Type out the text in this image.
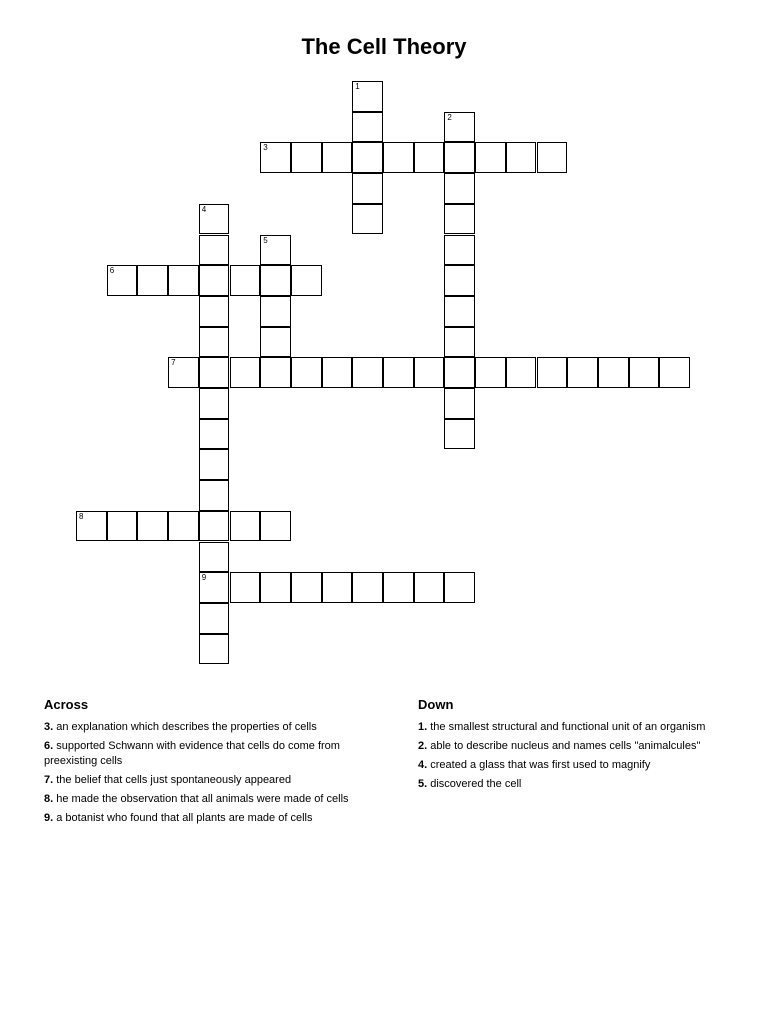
The Cell Theory
1
2
3
4
9
5
6
7
8
Across
3. an explanation which describes the properties of cells
6. supported Schwann with evidence that cells do come from preexisting cells
7. the belief that cells just spontaneously appeared
8. he made the observation that all animals were made of cells
9. a botanist who found that all plants are made of cells
Down
1. the smallest structural and functional unit of an organism
2. able to describe nucleus and names cells "animalcules"
4. created a glass that was first used to magnify
5. discovered the cell
